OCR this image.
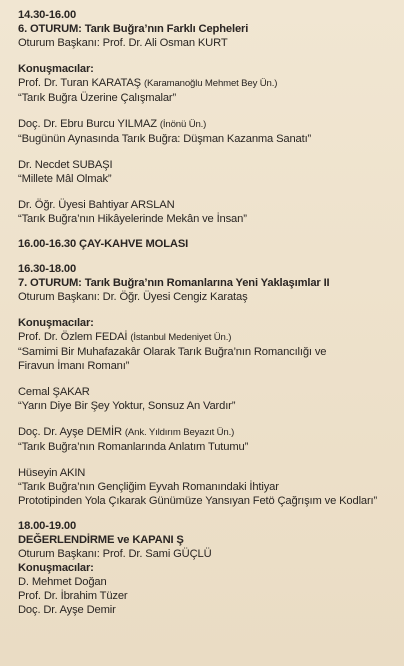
14.30-16.00
6. OTURUM: Tarık Buğra’nın Farklı Cepheleri
Oturum Başkanı: Prof. Dr. Ali Osman KURT
Konuşmacılar:
Prof. Dr. Turan KARATAŞ (Karamanoğlu Mehmet Bey Ün.)
“Tarık Buğra Üzerine Çalışmalar”
Doç. Dr. Ebru Burcu YILMAZ (İnönü Ün.)
“Bugünün Aynasında Tarık Buğra: Düşman Kazanma Sanatı”
Dr. Necdet SUBAŞI
“Millete Mâl Olmak”
Dr. Öğr. Üyesi Bahtiyar ARSLAN
“Tarık Buğra’nın Hikâyelerinde Mekân ve İnsan”
16.00-16.30 ÇAY-KAHVE MOLASI
16.30-18.00
7. OTURUM: Tarık Buğra’nın Romanlarına Yeni Yaklaşımlar II
Oturum Başkanı: Dr. Öğr. Üyesi Cengiz Karataş
Konuşmacılar:
Prof. Dr. Özlem FEDAİ (İstanbul Medeniyet Ün.)
“Samimi Bir Muhafazakâr Olarak Tarık Buğra’nın Romancılığı ve
Firavun İmanı Romanı”
Cemal ŞAKAR
“Yarın Diye Bir Şey Yoktur, Sonsuz An Vardır”
Doç. Dr. Ayşe DEMİR (Ank. Yıldırım Beyazıt Ün.)
“Tarık Buğra’nın Romanlarında Anlatım Tutumu”
Hüseyin AKIN
“Tarık Buğra’nın Gençliğim Eyvah Romanındaki İhtiyar
Prototipinden Yola Çıkarak Günümüze Yansıyan Fetö Çağrışım ve Kodları”
18.00-19.00
DEĞERLENDİRME ve KAPANI Ş
Oturum Başkanı: Prof. Dr. Sami GÜÇLÜ
Konuşmacılar:
D. Mehmet Doğan
Prof. Dr. İbrahim Tüzer
Doç. Dr. Ayşe Demir
